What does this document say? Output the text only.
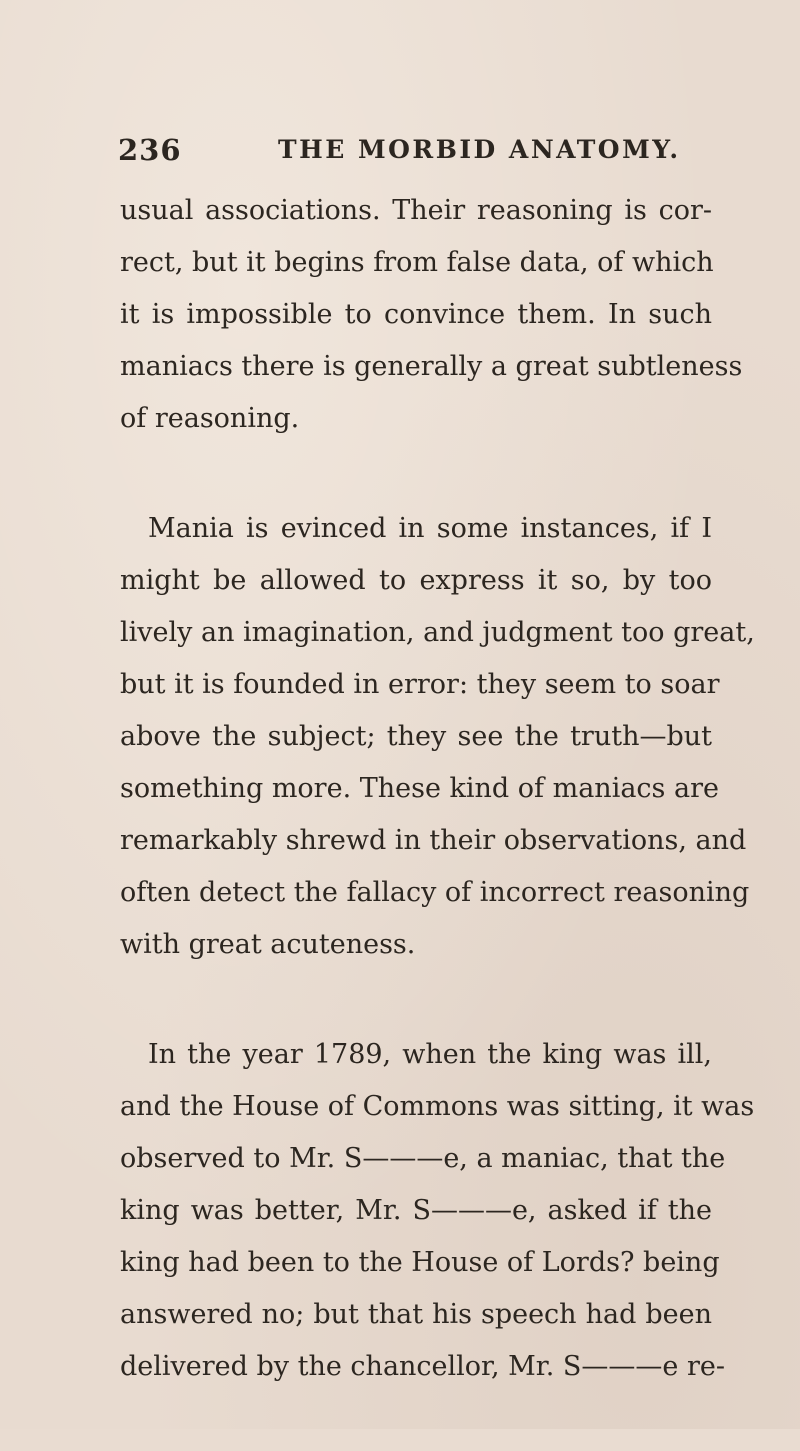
236	THE MORBID ANATOMY.
usual associations. Their reasoning is cor-
rect, but it begins from false data, of which
it is impossible to convince them. In such
maniacs there is generally a great subtleness
of reasoning.
Mania is evinced in some instances, if I
might be allowed to express it so, by too
lively an imagination, and judgment too great,
but it is founded in error: they seem to soar
above the subject; they see the truth—but
something more. These kind of maniacs are
remarkably shrewd in their observations, and
often detect the fallacy of incorrect reasoning
with great acuteness.
In the year 1789, when the king was ill,
and the House of Commons was sitting, it was
observed to Mr. S———e, a maniac, that the
king was better, Mr. S———e, asked if the
king had been to the House of Lords? being
answered no; but that his speech had been
delivered by the chancellor, Mr. S———e re-
